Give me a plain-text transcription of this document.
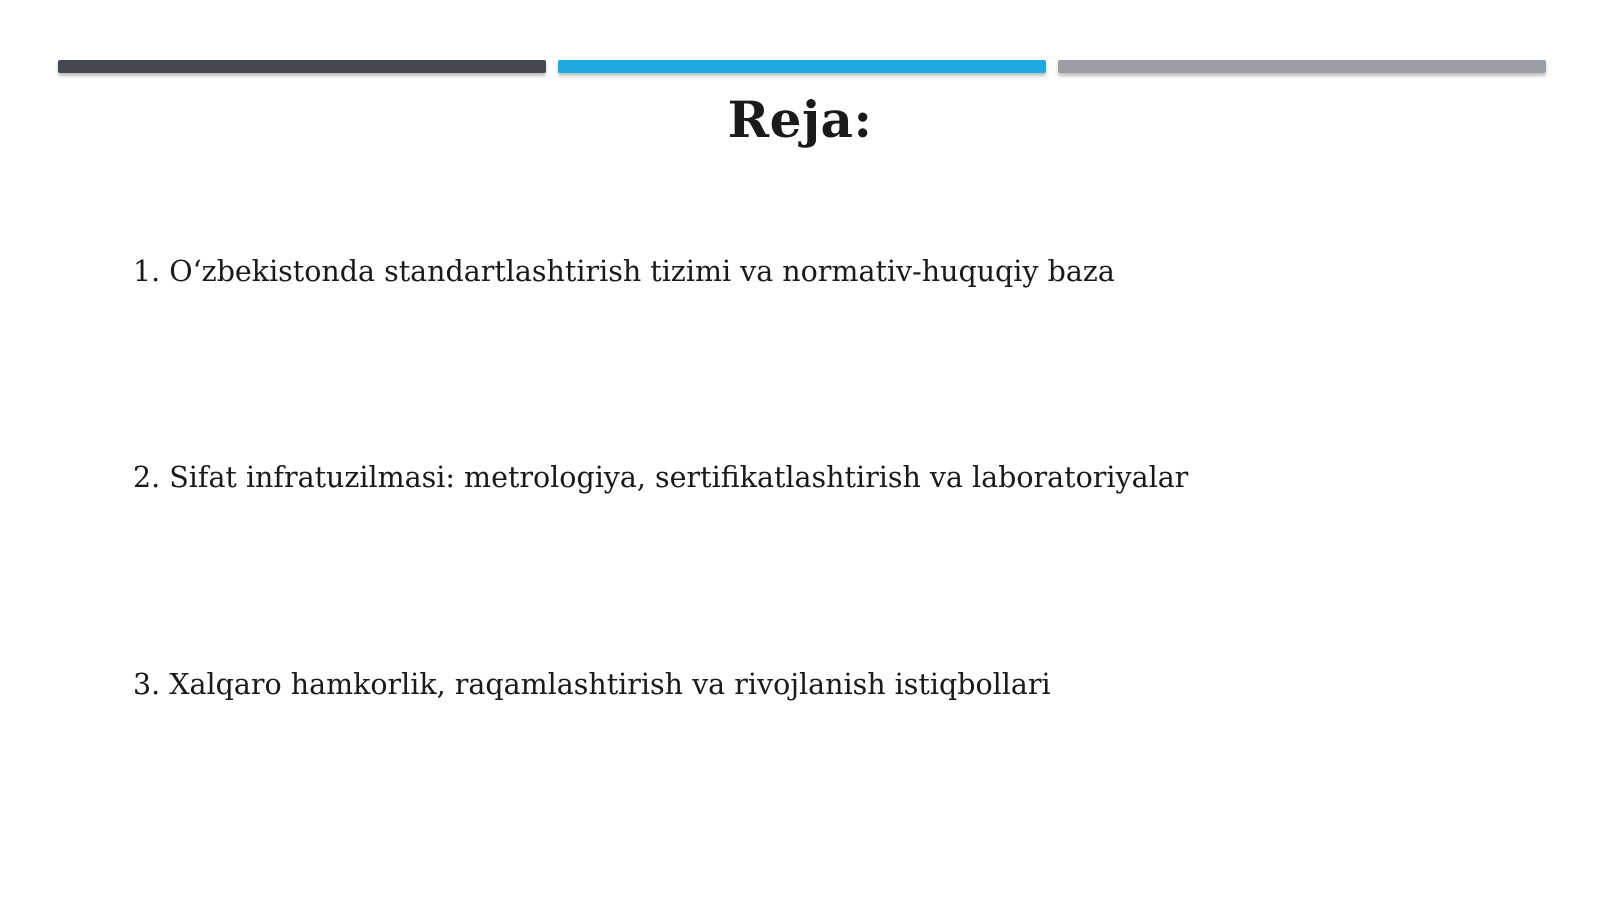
Reja:
1. O‘zbekistonda standartlashtirish tizimi va normativ-huquqiy baza
2. Sifat infratuzilmasi: metrologiya, sertifikatlashtirish va laboratoriyalar
3. Xalqaro hamkorlik, raqamlashtirish va rivojlanish istiqbollari
